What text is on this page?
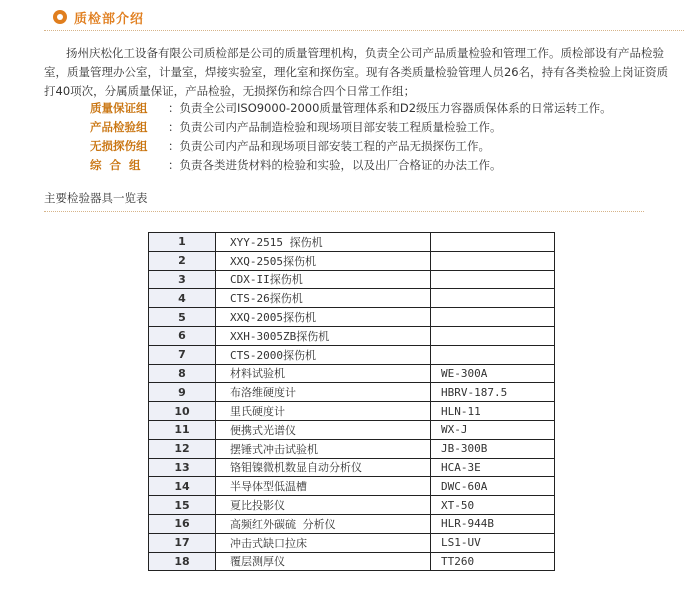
质检部介绍

扬州庆松化工设备有限公司质检部是公司的质量管理机构，负责全公司产品质量检验和管理工作。质检部设有产品检验室，质量管理办公室，计量室，焊接实验室，理化室和探伤室。现有各类质量检验管理人员26名，持有各类检验上岗证资质打40项次，分属质量保证，产品检验，无损探伤和综合四个日常工作组；

质量保证组 ：负责全公司ISO9000-2000质量管理体系和D2级压力容器质保体系的日常运转工作。
产品检验组 ：负责公司内产品制造检验和现场项目部安装工程质量检验工作。
无损探伤组 ：负责公司内产品和现场项目部安装工程的产品无损探伤工作。
综  合  组 ：负责各类进货材料的检验和实验，以及出厂合格证的办法工作。
主要检验器具一览表
1	XYY-2515 探伤机	
2	XXQ-2505探伤机	
3	CDX-II探伤机	
4	CTS-26探伤机	
5	XXQ-2005探伤机	
6	XXH-3005ZB探伤机	
7	CTS-2000探伤机	
8	材料试验机	WE-300A
9	布洛维硬度计	HBRV-187.5
10	里氏硬度计	HLN-11
11	便携式光谱仪	WX-J
12	摆锤式冲击试验机	JB-300B
13	铬钼镍微机数显自动分析仪	HCA-3E
14	半导体型低温槽	DWC-60A
15	夏比投影仪	XT-50
16	高频红外碳硫 分析仪	HLR-944B
17	冲击式缺口拉床	LS1-UV
18	覆层测厚仪	TT260
